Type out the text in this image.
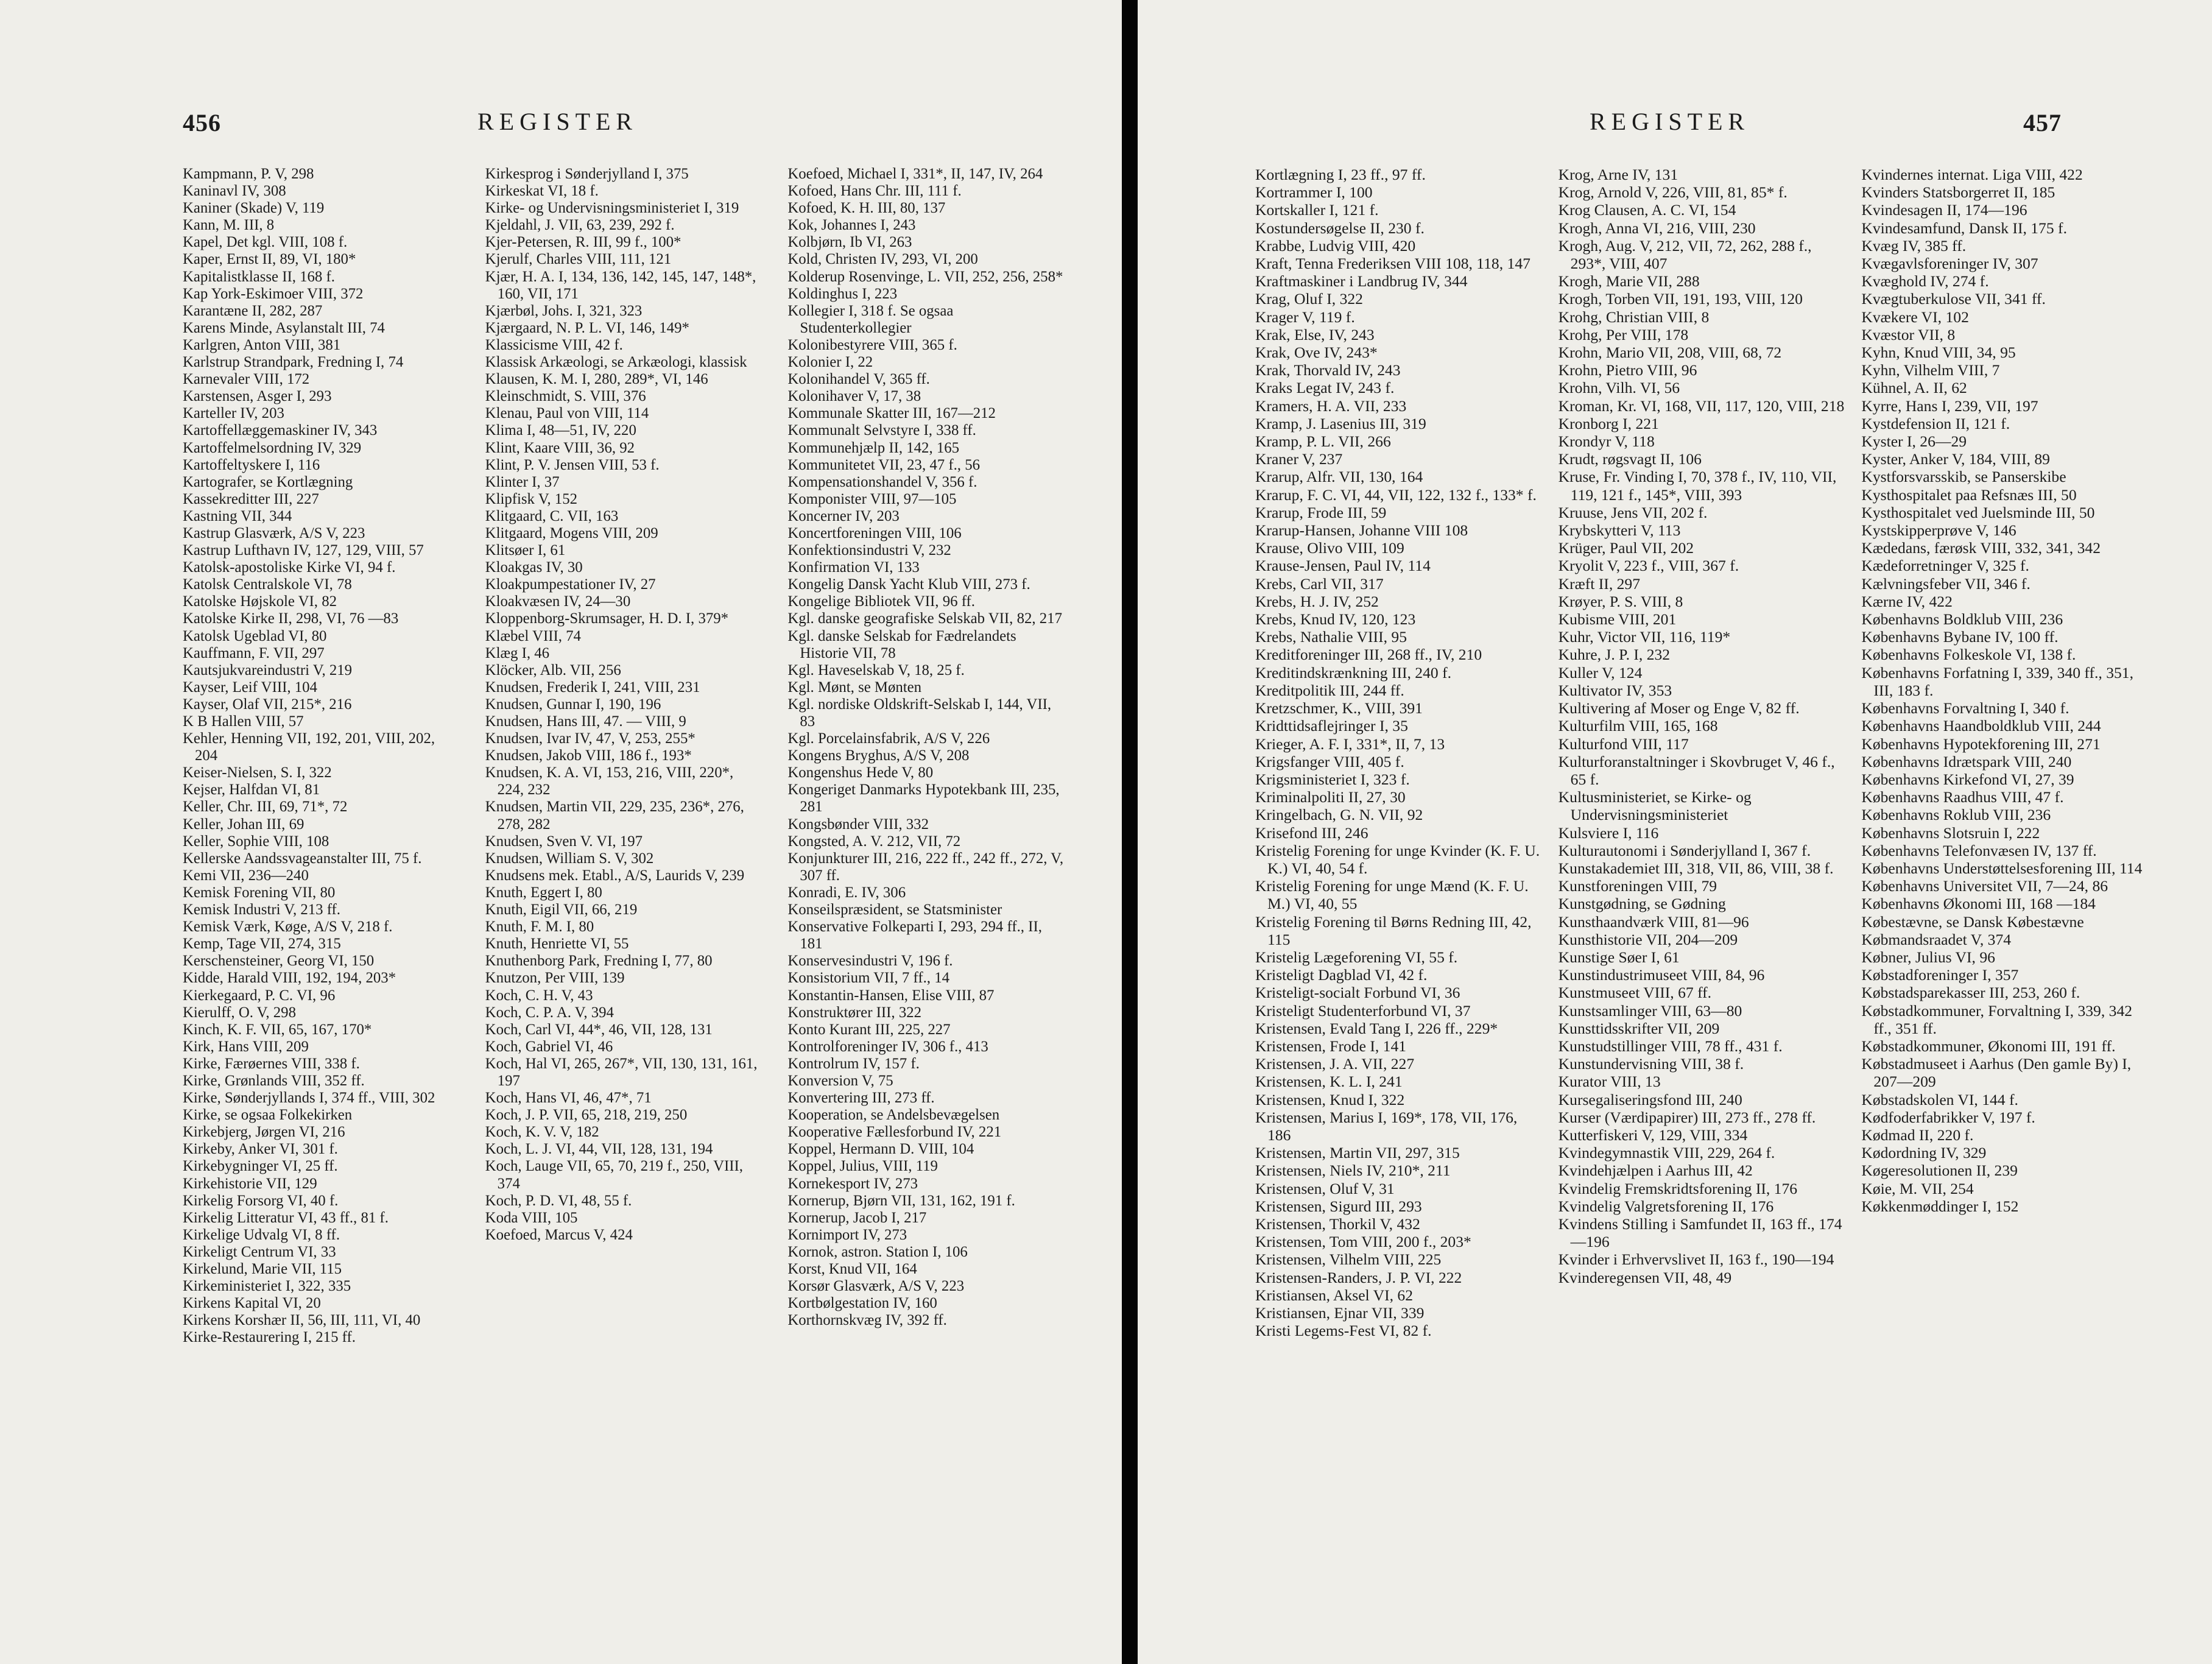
456	REGISTER
Kampmann, P. V, 298
Kaninavl IV, 308
Kaniner (Skade) V, 119
Kann, M. III, 8
Kapel, Det kgl. VIII, 108 f.
Kaper, Ernst II, 89, VI, 180*
Kapitalistklasse II, 168 f.
Kap York-Eskimoer VIII, 372
Karantæne II, 282, 287
Karens Minde, Asylanstalt III, 74
Karlgren, Anton VIII, 381
Karlstrup Strandpark, Fredning I, 74
Karnevaler VIII, 172
Karstensen, Asger I, 293
Karteller IV, 203
Kartoffellæggemaskiner IV, 343
Kartoffelmelsordning IV, 329
Kartoffeltyskere I, 116
Kartografer, se Kortlægning
Kassekreditter III, 227
Kastning VII, 344
Kastrup Glasværk, A/S V, 223
Kastrup Lufthavn IV, 127, 129, VIII, 57
Katolsk-apostoliske Kirke VI, 94 f.
Katolsk Centralskole VI, 78
Katolske Højskole VI, 82
Katolske Kirke II, 298, VI, 76 —83
Katolsk Ugeblad VI, 80
Kauffmann, F. VII, 297
Kautsjukvareindustri V, 219
Kayser, Leif VIII, 104
Kayser, Olaf VII, 215*, 216
K B Hallen VIII, 57
Kehler, Henning VII, 192, 201, VIII, 202, 204
Keiser-Nielsen, S. I, 322
Kejser, Halfdan VI, 81
Keller, Chr. III, 69, 71*, 72
Keller, Johan III, 69
Keller, Sophie VIII, 108
Kellerske Aandssvageanstalter III, 75 f.
Kemi VII, 236—240
Kemisk Forening VII, 80
Kemisk Industri V, 213 ff.
Kemisk Værk, Køge, A/S V, 218 f.
Kemp, Tage VII, 274, 315
Kerschensteiner, Georg VI, 150
Kidde, Harald VIII, 192, 194, 203*
Kierkegaard, P. C. VI, 96
Kierulff, O. V, 298
Kinch, K. F. VII, 65, 167, 170*
Kirk, Hans VIII, 209
Kirke, Færøernes VIII, 338 f.
Kirke, Grønlands VIII, 352 ff.
Kirke, Sønderjyllands I, 374 ff., VIII, 302
Kirke, se ogsaa Folkekirken
Kirkebjerg, Jørgen VI, 216
Kirkeby, Anker VI, 301 f.
Kirkebygninger VI, 25 ff.
Kirkehistorie VII, 129
Kirkelig Forsorg VI, 40 f.
Kirkelig Litteratur VI, 43 ff., 81 f.
Kirkelige Udvalg VI, 8 ff.
Kirkeligt Centrum VI, 33
Kirkelund, Marie VII, 115
Kirkeministeriet I, 322, 335
Kirkens Kapital VI, 20
Kirkens Korshær II, 56, III, 111, VI, 40
Kirke-Restaurering I, 215 ff.
Kirkesprog i Sønderjylland I, 375
Kirkeskat VI, 18 f.
Kirke- og Undervisningsministeriet I, 319
Kjeldahl, J. VII, 63, 239, 292 f.
Kjer-Petersen, R. III, 99 f., 100*
Kjerulf, Charles VIII, 111, 121
Kjær, H. A. I, 134, 136, 142, 145, 147, 148*, 160, VII, 171
Kjærbøl, Johs. I, 321, 323
Kjærgaard, N. P. L. VI, 146, 149*
Klassicisme VIII, 42 f.
Klassisk Arkæologi, se Arkæologi, klassisk
Klausen, K. M. I, 280, 289*, VI, 146
Kleinschmidt, S. VIII, 376
Klenau, Paul von VIII, 114
Klima I, 48—51, IV, 220
Klint, Kaare VIII, 36, 92
Klint, P. V. Jensen VIII, 53 f.
Klinter I, 37
Klipfisk V, 152
Klitgaard, C. VII, 163
Klitgaard, Mogens VIII, 209
Klitsøer I, 61
Kloakgas IV, 30
Kloakpumpestationer IV, 27
Kloakvæsen IV, 24—30
Kloppenborg-Skrumsager, H. D. I, 379*
Klæbel VIII, 74
Klæg I, 46
Klöcker, Alb. VII, 256
Knudsen, Frederik I, 241, VIII, 231
Knudsen, Gunnar I, 190, 196
Knudsen, Hans III, 47. — VIII, 9
Knudsen, Ivar IV, 47, V, 253, 255*
Knudsen, Jakob VIII, 186 f., 193*
Knudsen, K. A. VI, 153, 216, VIII, 220*, 224, 232
Knudsen, Martin VII, 229, 235, 236*, 276, 278, 282
Knudsen, Sven V. VI, 197
Knudsen, William S. V, 302
Knudsens mek. Etabl., A/S, Laurids V, 239
Knuth, Eggert I, 80
Knuth, Eigil VII, 66, 219
Knuth, F. M. I, 80
Knuth, Henriette VI, 55
Knuthenborg Park, Fredning I, 77, 80
Knutzon, Per VIII, 139
Koch, C. H. V, 43
Koch, C. P. A. V, 394
Koch, Carl VI, 44*, 46, VII, 128, 131
Koch, Gabriel VI, 46
Koch, Hal VI, 265, 267*, VII, 130, 131, 161, 197
Koch, Hans VI, 46, 47*, 71
Koch, J. P. VII, 65, 218, 219, 250
Koch, K. V. V, 182
Koch, L. J. VI, 44, VII, 128, 131, 194
Koch, Lauge VII, 65, 70, 219 f., 250, VIII, 374
Koch, P. D. VI, 48, 55 f.
Koda VIII, 105
Koefoed, Marcus V, 424
Koefoed, Michael I, 331*, II, 147, IV, 264
Kofoed, Hans Chr. III, 111 f.
Kofoed, K. H. III, 80, 137
Kok, Johannes I, 243
Kolbjørn, Ib VI, 263
Kold, Christen IV, 293, VI, 200
Kolderup Rosenvinge, L. VII, 252, 256, 258*
Koldinghus I, 223
Kollegier I, 318 f. Se ogsaa Studenterkollegier
Kolonibestyrere VIII, 365 f.
Kolonier I, 22
Kolonihandel V, 365 ff.
Kolonihaver V, 17, 38
Kommunale Skatter III, 167—212
Kommunalt Selvstyre I, 338 ff.
Kommunehjælp II, 142, 165
Kommunitetet VII, 23, 47 f., 56
Kompensationshandel V, 356 f.
Komponister VIII, 97—105
Koncerner IV, 203
Koncertforeningen VIII, 106
Konfektionsindustri V, 232
Konfirmation VI, 133
Kongelig Dansk Yacht Klub VIII, 273 f.
Kongelige Bibliotek VII, 96 ff.
Kgl. danske geografiske Selskab VII, 82, 217
Kgl. danske Selskab for Fædrelandets Historie VII, 78
Kgl. Haveselskab V, 18, 25 f.
Kgl. Mønt, se Mønten
Kgl. nordiske Oldskrift-Selskab I, 144, VII, 83
Kgl. Porcelainsfabrik, A/S V, 226
Kongens Bryghus, A/S V, 208
Kongenshus Hede V, 80
Kongeriget Danmarks Hypotekbank III, 235, 281
Kongsbønder VIII, 332
Kongsted, A. V. 212, VII, 72
Konjunkturer III, 216, 222 ff., 242 ff., 272, V, 307 ff.
Konradi, E. IV, 306
Konseilspræsident, se Statsminister
Konservative Folkeparti I, 293, 294 ff., II, 181
Konservesindustri V, 196 f.
Konsistorium VII, 7 ff., 14
Konstantin-Hansen, Elise VIII, 87
Konstruktører III, 322
Konto Kurant III, 225, 227
Kontrolforeninger IV, 306 f., 413
Kontrolrum IV, 157 f.
Konversion V, 75
Konvertering III, 273 ff.
Kooperation, se Andelsbevægelsen
Kooperative Fællesforbund IV, 221
Koppel, Hermann D. VIII, 104
Koppel, Julius, VIII, 119
Kornekesport IV, 273
Kornerup, Bjørn VII, 131, 162, 191 f.
Kornerup, Jacob I, 217
Kornimport IV, 273
Kornok, astron. Station I, 106
Korst, Knud VII, 164
Korsør Glasværk, A/S V, 223
Kortbølgestation IV, 160
Korthornskvæg IV, 392 ff.
REGISTER	457
Kortlægning I, 23 ff., 97 ff.
Kortrammer I, 100
Kortskaller I, 121 f.
Kostundersøgelse II, 230 f.
Krabbe, Ludvig VIII, 420
Kraft, Tenna Frederiksen VIII 108, 118, 147
Kraftmaskiner i Landbrug IV, 344
Krag, Oluf I, 322
Krager V, 119 f.
Krak, Else, IV, 243
Krak, Ove IV, 243*
Krak, Thorvald IV, 243
Kraks Legat IV, 243 f.
Kramers, H. A. VII, 233
Kramp, J. Lasenius III, 319
Kramp, P. L. VII, 266
Kraner V, 237
Krarup, Alfr. VII, 130, 164
Krarup, F. C. VI, 44, VII, 122, 132 f., 133* f.
Krarup, Frode III, 59
Krarup-Hansen, Johanne VIII 108
Krause, Olivo VIII, 109
Krause-Jensen, Paul IV, 114
Krebs, Carl VII, 317
Krebs, H. J. IV, 252
Krebs, Knud IV, 120, 123
Krebs, Nathalie VIII, 95
Kreditforeninger III, 268 ff., IV, 210
Kreditindskrænkning III, 240 f.
Kreditpolitik III, 244 ff.
Kretzschmer, K., VIII, 391
Kridttidsaflejringer I, 35
Krieger, A. F. I, 331*, II, 7, 13
Krigsfanger VIII, 405 f.
Krigsministeriet I, 323 f.
Kriminalpoliti II, 27, 30
Kringelbach, G. N. VII, 92
Krisefond III, 246
Kristelig Forening for unge Kvinder (K. F. U. K.) VI, 40, 54 f.
Kristelig Forening for unge Mænd (K. F. U. M.) VI, 40, 55
Kristelig Forening til Børns Redning III, 42, 115
Kristelig Lægeforening VI, 55 f.
Kristeligt Dagblad VI, 42 f.
Kristeligt-socialt Forbund VI, 36
Kristeligt Studenterforbund VI, 37
Kristensen, Evald Tang I, 226 ff., 229*
Kristensen, Frode I, 141
Kristensen, J. A. VII, 227
Kristensen, K. L. I, 241
Kristensen, Knud I, 322
Kristensen, Marius I, 169*, 178, VII, 176, 186
Kristensen, Martin VII, 297, 315
Kristensen, Niels IV, 210*, 211
Kristensen, Oluf V, 31
Kristensen, Sigurd III, 293
Kristensen, Thorkil V, 432
Kristensen, Tom VIII, 200 f., 203*
Kristensen, Vilhelm VIII, 225
Kristensen-Randers, J. P. VI, 222
Kristiansen, Aksel VI, 62
Kristiansen, Ejnar VII, 339
Kristi Legems-Fest VI, 82 f.
Krog, Arne IV, 131
Krog, Arnold V, 226, VIII, 81, 85* f.
Krog Clausen, A. C. VI, 154
Krogh, Anna VI, 216, VIII, 230
Krogh, Aug. V, 212, VII, 72, 262, 288 f., 293*, VIII, 407
Krogh, Marie VII, 288
Krogh, Torben VII, 191, 193, VIII, 120
Krohg, Christian VIII, 8
Krohg, Per VIII, 178
Krohn, Mario VII, 208, VIII, 68, 72
Krohn, Pietro VIII, 96
Krohn, Vilh. VI, 56
Kroman, Kr. VI, 168, VII, 117, 120, VIII, 218
Kronborg I, 221
Krondyr V, 118
Krudt, røgsvagt II, 106
Kruse, Fr. Vinding I, 70, 378 f., IV, 110, VII, 119, 121 f., 145*, VIII, 393
Kruuse, Jens VII, 202 f.
Krybskytteri V, 113
Krüger, Paul VII, 202
Kryolit V, 223 f., VIII, 367 f.
Kræft II, 297
Krøyer, P. S. VIII, 8
Kubisme VIII, 201
Kuhr, Victor VII, 116, 119*
Kuhre, J. P. I, 232
Kuller V, 124
Kultivator IV, 353
Kultivering af Moser og Enge V, 82 ff.
Kulturfilm VIII, 165, 168
Kulturfond VIII, 117
Kulturforanstaltninger i Skovbruget V, 46 f., 65 f.
Kultusministeriet, se Kirke- og Undervisningsministeriet
Kulsviere I, 116
Kulturautonomi i Sønderjylland I, 367 f.
Kunstakademiet III, 318, VII, 86, VIII, 38 f.
Kunstforeningen VIII, 79
Kunstgødning, se Gødning
Kunsthaandværk VIII, 81—96
Kunsthistorie VII, 204—209
Kunstige Søer I, 61
Kunstindustrimuseet VIII, 84, 96
Kunstmuseet VIII, 67 ff.
Kunstsamlinger VIII, 63—80
Kunsttidsskrifter VII, 209
Kunstudstillinger VIII, 78 ff., 431 f.
Kunstundervisning VIII, 38 f.
Kurator VIII, 13
Kursegaliseringsfond III, 240
Kurser (Værdipapirer) III, 273 ff., 278 ff.
Kutterfiskeri V, 129, VIII, 334
Kvindegymnastik VIII, 229, 264 f.
Kvindehjælpen i Aarhus III, 42
Kvindelig Fremskridtsforening II, 176
Kvindelig Valgretsforening II, 176
Kvindens Stilling i Samfundet II, 163 ff., 174—196
Kvinder i Erhvervslivet II, 163 f., 190—194
Kvinderegensen VII, 48, 49
Kvindernes internat. Liga VIII, 422
Kvinders Statsborgerret II, 185
Kvindesagen II, 174—196
Kvindesamfund, Dansk II, 175 f.
Kvæg IV, 385 ff.
Kvægavlsforeninger IV, 307
Kvæghold IV, 274 f.
Kvægtuberkulose VII, 341 ff.
Kvækere VI, 102
Kvæstor VII, 8
Kyhn, Knud VIII, 34, 95
Kyhn, Vilhelm VIII, 7
Kühnel, A. II, 62
Kyrre, Hans I, 239, VII, 197
Kystdefension II, 121 f.
Kyster I, 26—29
Kyster, Anker V, 184, VIII, 89
Kystforsvarsskib, se Panserskibe
Kysthospitalet paa Refsnæs III, 50
Kysthospitalet ved Juelsminde III, 50
Kystskipperprøve V, 146
Kædedans, færøsk VIII, 332, 341, 342
Kædeforretninger V, 325 f.
Kælvningsfeber VII, 346 f.
Kærne IV, 422
Københavns Boldklub VIII, 236
Københavns Bybane IV, 100 ff.
Københavns Folkeskole VI, 138 f.
Københavns Forfatning I, 339, 340 ff., 351, III, 183 f.
Københavns Forvaltning I, 340 f.
Københavns Haandboldklub VIII, 244
Københavns Hypotekforening III, 271
Københavns Idrætspark VIII, 240
Københavns Kirkefond VI, 27, 39
Københavns Raadhus VIII, 47 f.
Københavns Roklub VIII, 236
Københavns Slotsruin I, 222
Københavns Telefonvæsen IV, 137 ff.
Københavns Understøttelsesforening III, 114
Københavns Universitet VII, 7—24, 86
Københavns Økonomi III, 168 —184
Købestævne, se Dansk Købestævne
Købmandsraadet V, 374
Købner, Julius VI, 96
Købstadforeninger I, 357
Købstadsparekasser III, 253, 260 f.
Købstadkommuner, Forvaltning I, 339, 342 ff., 351 ff.
Købstadkommuner, Økonomi III, 191 ff.
Købstadmuseet i Aarhus (Den gamle By) I, 207—209
Købstadskolen VI, 144 f.
Kødfoderfabrikker V, 197 f.
Kødmad II, 220 f.
Kødordning IV, 329
Køgeresolutionen II, 239
Køie, M. VII, 254
Køkkenmøddinger I, 152
